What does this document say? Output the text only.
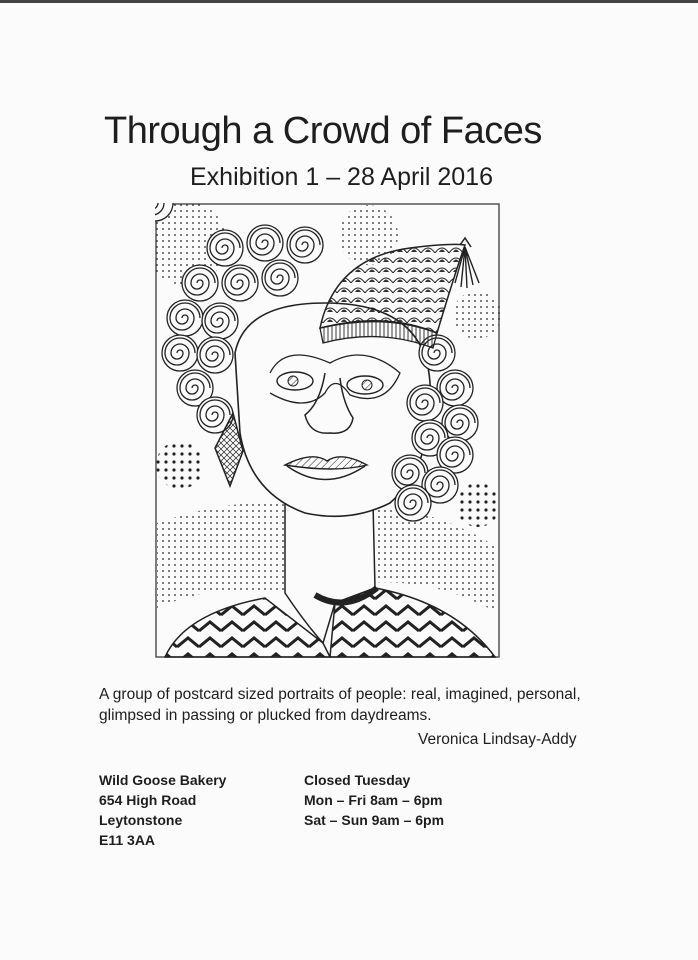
Through a Crowd of Faces
Exhibition 1 – 28 April 2016

A group of postcard sized portraits of people: real, imagined, personal,
glimpsed in passing or plucked from daydreams.

Veronica Lindsay-Addy
Wild Goose Bakery
654 High Road
Leytonstone
E11 3AA
Closed Tuesday
Mon – Fri 8am – 6pm
Sat – Sun 9am – 6pm
